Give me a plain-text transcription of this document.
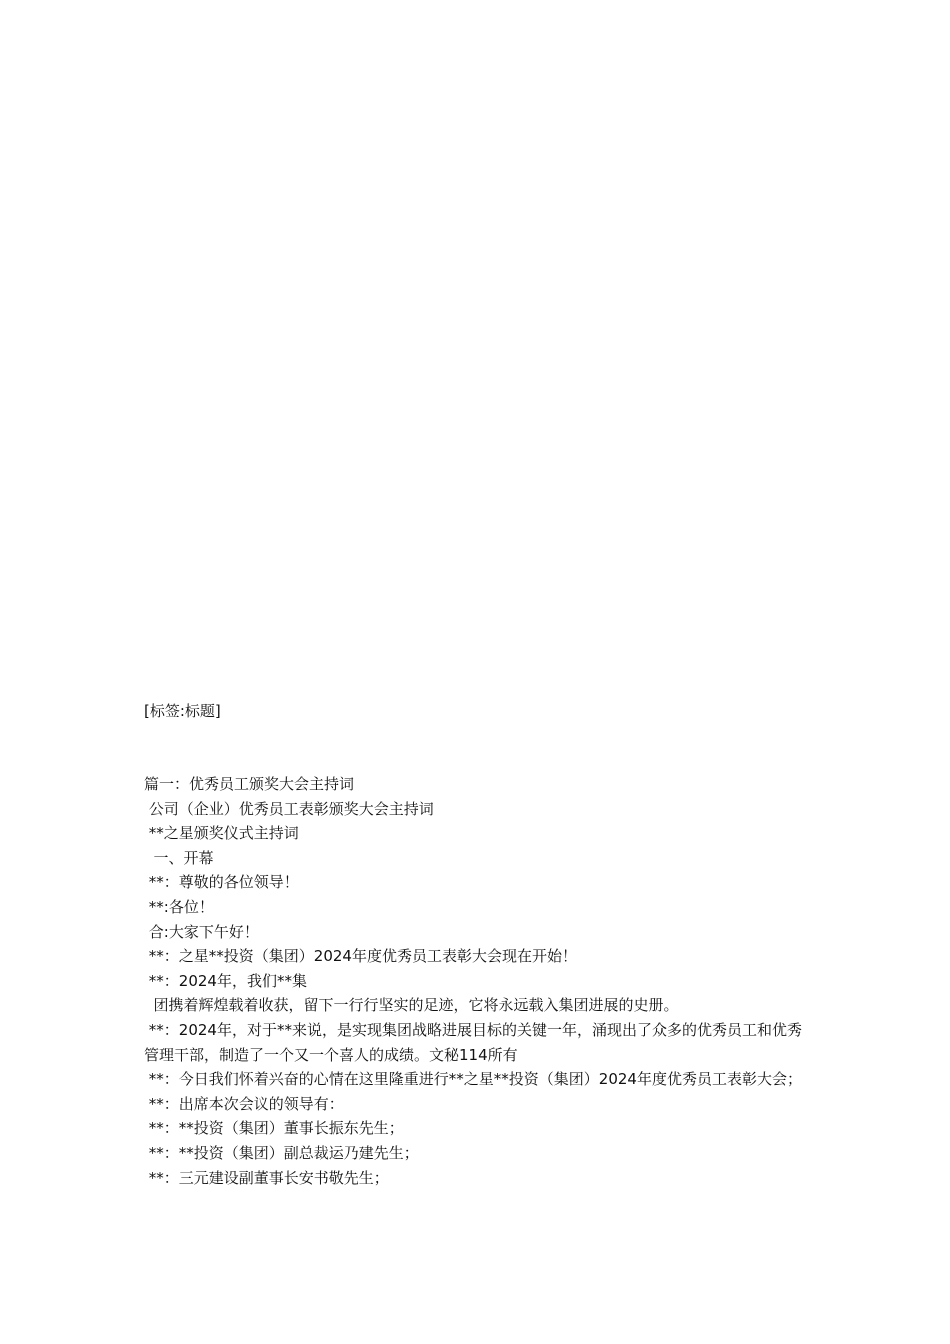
[标签:标题]

篇一：优秀员工颁奖大会主持词

公司（企业）优秀员工表彰颁奖大会主持词

**之星颁奖仪式主持词

一、开幕

**：尊敬的各位领导！

**:各位！

合:大家下午好！

**：之星**投资（集团）2024年度优秀员工表彰大会现在开始！

**：2024年，我们**集

团携着辉煌载着收获，留下一行行坚实的足迹，它将永远载入集团进展的史册。

**：2024年，对于**来说，是实现集团战略进展目标的关键一年，涌现出了众多的优秀员工和优秀管理干部，制造了一个又一个喜人的成绩。文秘114所有

**：今日我们怀着兴奋的心情在这里隆重进行**之星**投资（集团）2024年度优秀员工表彰大会；

**：出席本次会议的领导有：

**：**投资（集团）董事长振东先生；

**：**投资（集团）副总裁运乃建先生；

**：三元建设副董事长安书敬先生；
